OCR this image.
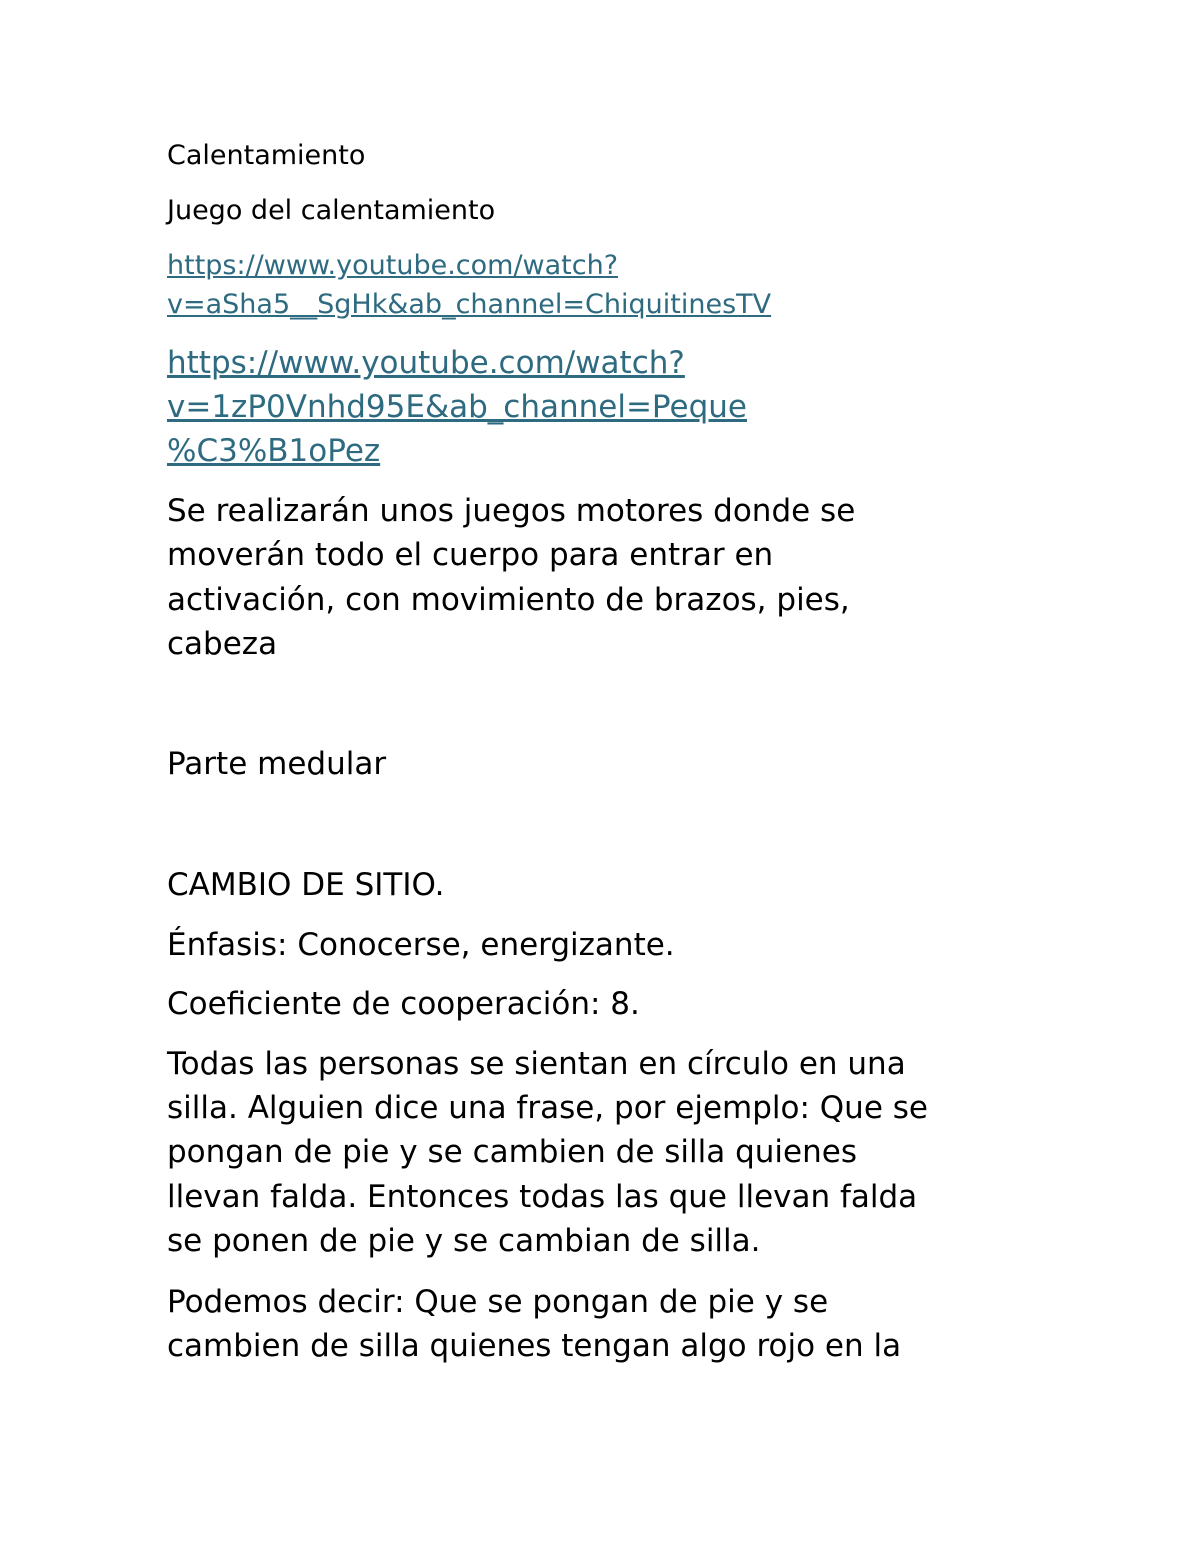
Calentamiento

Juego del calentamiento

https://www.youtube.com/watch?
v=aSha5__SgHk&ab_channel=ChiquitinesTV
https://www.youtube.com/watch?
v=1zP0Vnhd95E&ab_channel=Peque
%C3%B1oPez

Se realizarán unos juegos motores donde se

moverán todo el cuerpo para entrar en

activación, con movimiento de brazos, pies,

cabeza

Parte medular

CAMBIO DE SITIO.

Énfasis: Conocerse, energizante.

Coeficiente de cooperación: 8.

Todas las personas se sientan en círculo en una

silla. Alguien dice una frase, por ejemplo: Que se

pongan de pie y se cambien de silla quienes

llevan falda. Entonces todas las que llevan falda

se ponen de pie y se cambian de silla.

Podemos decir: Que se pongan de pie y se

cambien de silla quienes tengan algo rojo en la
